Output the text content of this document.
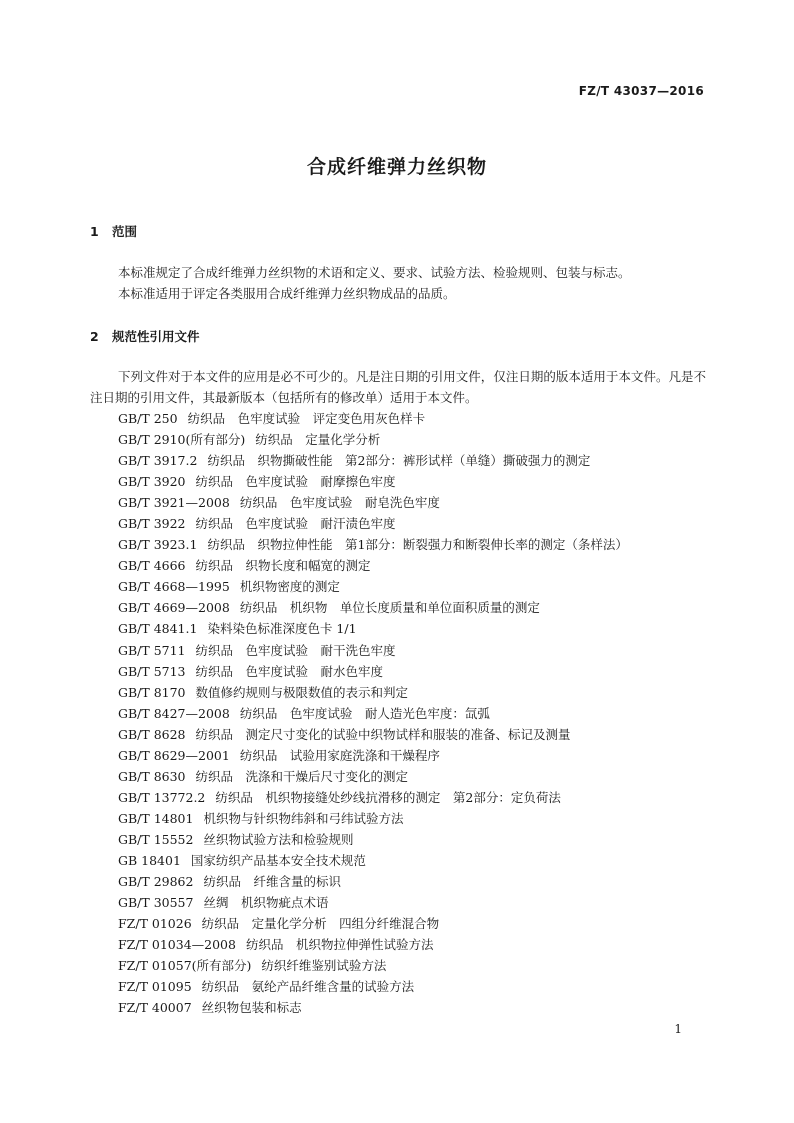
FZ/T 43037—2016
合成纤维弹力丝织物
1 范围

本标准规定了合成纤维弹力丝织物的术语和定义、要求、试验方法、检验规则、包装与标志。

本标准适用于评定各类服用合成纤维弹力丝织物成品的品质。

2 规范性引用文件

下列文件对于本文件的应用是必不可少的。凡是注日期的引用文件，仅注日期的版本适用于本文件。凡是不注日期的引用文件，其最新版本（包括所有的修改单）适用于本文件。

GB/T 250 纺织品　色牢度试验　评定变色用灰色样卡
GB/T 2910(所有部分) 纺织品　定量化学分析
GB/T 3917.2 纺织品　织物撕破性能　第2部分：裤形试样（单缝）撕破强力的测定
GB/T 3920 纺织品　色牢度试验　耐摩擦色牢度
GB/T 3921—2008 纺织品　色牢度试验　耐皂洗色牢度
GB/T 3922 纺织品　色牢度试验　耐汗渍色牢度
GB/T 3923.1 纺织品　织物拉伸性能　第1部分：断裂强力和断裂伸长率的测定（条样法）
GB/T 4666 纺织品　织物长度和幅宽的测定
GB/T 4668—1995 机织物密度的测定
GB/T 4669—2008 纺织品　机织物　单位长度质量和单位面积质量的测定
GB/T 4841.1 染料染色标准深度色卡 1/1
GB/T 5711 纺织品　色牢度试验　耐干洗色牢度
GB/T 5713 纺织品　色牢度试验　耐水色牢度
GB/T 8170 数值修约规则与极限数值的表示和判定
GB/T 8427—2008 纺织品　色牢度试验　耐人造光色牢度：氙弧
GB/T 8628 纺织品　测定尺寸变化的试验中织物试样和服装的准备、标记及测量
GB/T 8629—2001 纺织品　试验用家庭洗涤和干燥程序
GB/T 8630 纺织品　洗涤和干燥后尺寸变化的测定
GB/T 13772.2 纺织品　机织物接缝处纱线抗滑移的测定　第2部分：定负荷法
GB/T 14801 机织物与针织物纬斜和弓纬试验方法
GB/T 15552 丝织物试验方法和检验规则
GB 18401 国家纺织产品基本安全技术规范
GB/T 29862 纺织品　纤维含量的标识
GB/T 30557 丝绸　机织物疵点术语
FZ/T 01026 纺织品　定量化学分析　四组分纤维混合物
FZ/T 01034—2008 纺织品　机织物拉伸弹性试验方法
FZ/T 01057(所有部分) 纺织纤维鉴别试验方法
FZ/T 01095 纺织品　氨纶产品纤维含量的试验方法
FZ/T 40007 丝织物包装和标志
1
